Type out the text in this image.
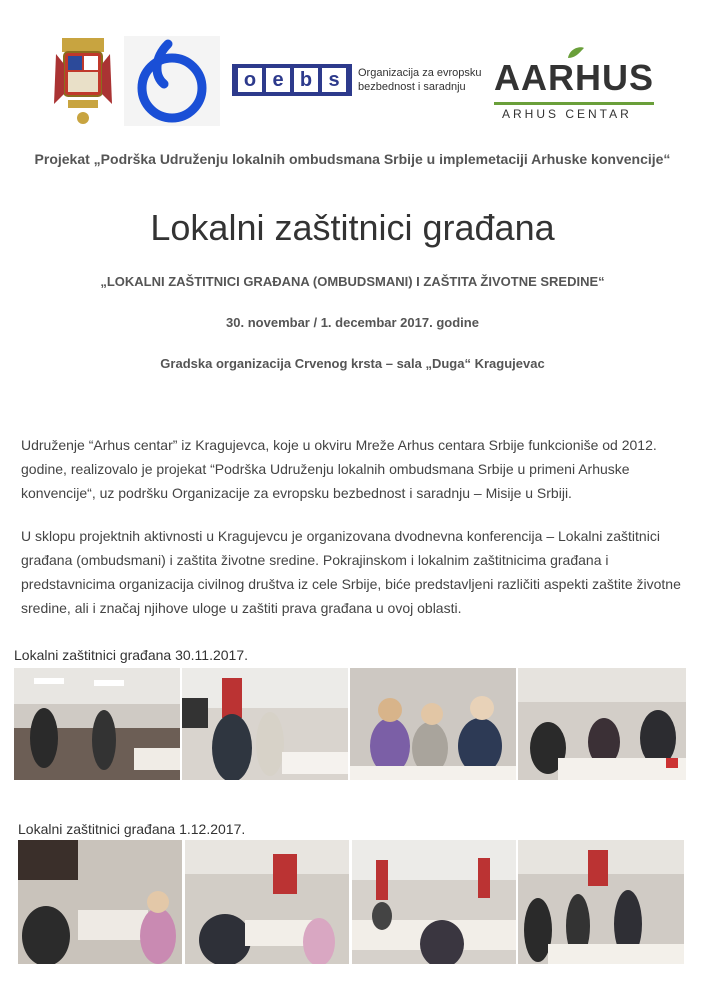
o e b s	Organizacija za evropsku
bezbednost i saradnju AARHUS
ARHUS CENTAR
Projekat „Podrška Udruženju lokalnih ombudsmana Srbije u implemetaciji Arhuske konvencije“
Lokalni zaštitnici građana
„LOKALNI ZAŠTITNICI GRAĐANA (OMBUDSMANI) I ZAŠTITA ŽIVOTNE SREDINE“
30. novembar / 1. decembar 2017. godine
Gradska organizacija Crvenog krsta – sala „Duga“ Kragujevac
Udruženje “Arhus centar” iz Kragujevca, koje u okviru Mreže Arhus centara Srbije funkcioniše od 2012. godine, realizovalo je projekat “Podrška Udruženju lokalnih ombudsmana Srbije u primeni Arhuske konvencije“, uz podršku Organizacije za evropsku bezbednost i saradnju – Misije u Srbiji.
U sklopu projektnih aktivnosti u Kragujevcu je organizovana dvodnevna konferencija – Lokalni zaštitnici građana (ombudsmani) i zaštita životne sredine. Pokrajinskom i lokalnim zaštitnicima građana i predstavnicima organizacija civilnog društva iz cele Srbije, biće predstavljeni različiti aspekti zaštite životne sredine, ali i značaj njihove uloge u zaštiti prava građana u ovoj oblasti.
Lokalni zaštitnici građana 30.11.2017.
Lokalni zaštitnici građana 1.12.2017.
